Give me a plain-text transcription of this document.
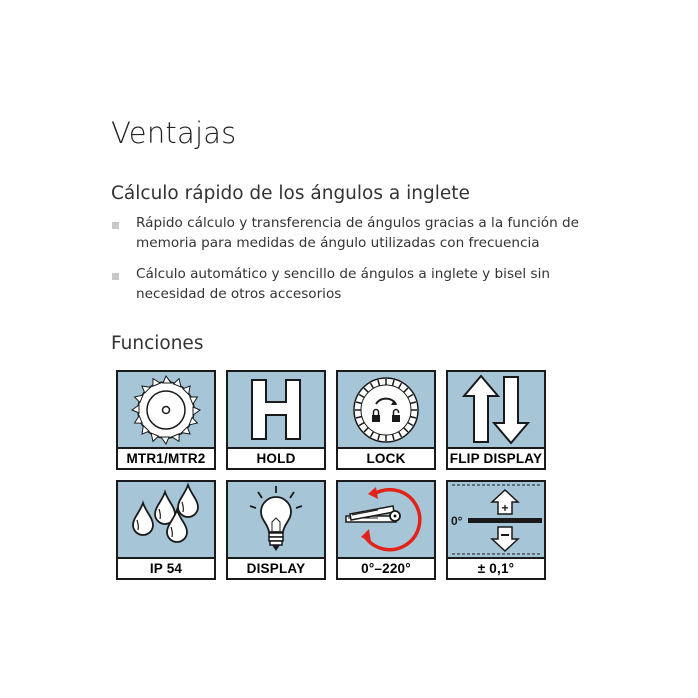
Ventajas
Cálculo rápido de los ángulos a inglete
Rápido cálculo y transferencia de ángulos gracias a la función de memoria para medidas de ángulo utilizadas con frecuencia
Cálculo automático y sencillo de ángulos a inglete y bisel sin necesidad de otros accesorios
Funciones
MTR1/MTR2	HOLD	LOCK	FLIP DISPLAY
IP 54	DISPLAY	0°–220°
+
0°
± 0,1°
